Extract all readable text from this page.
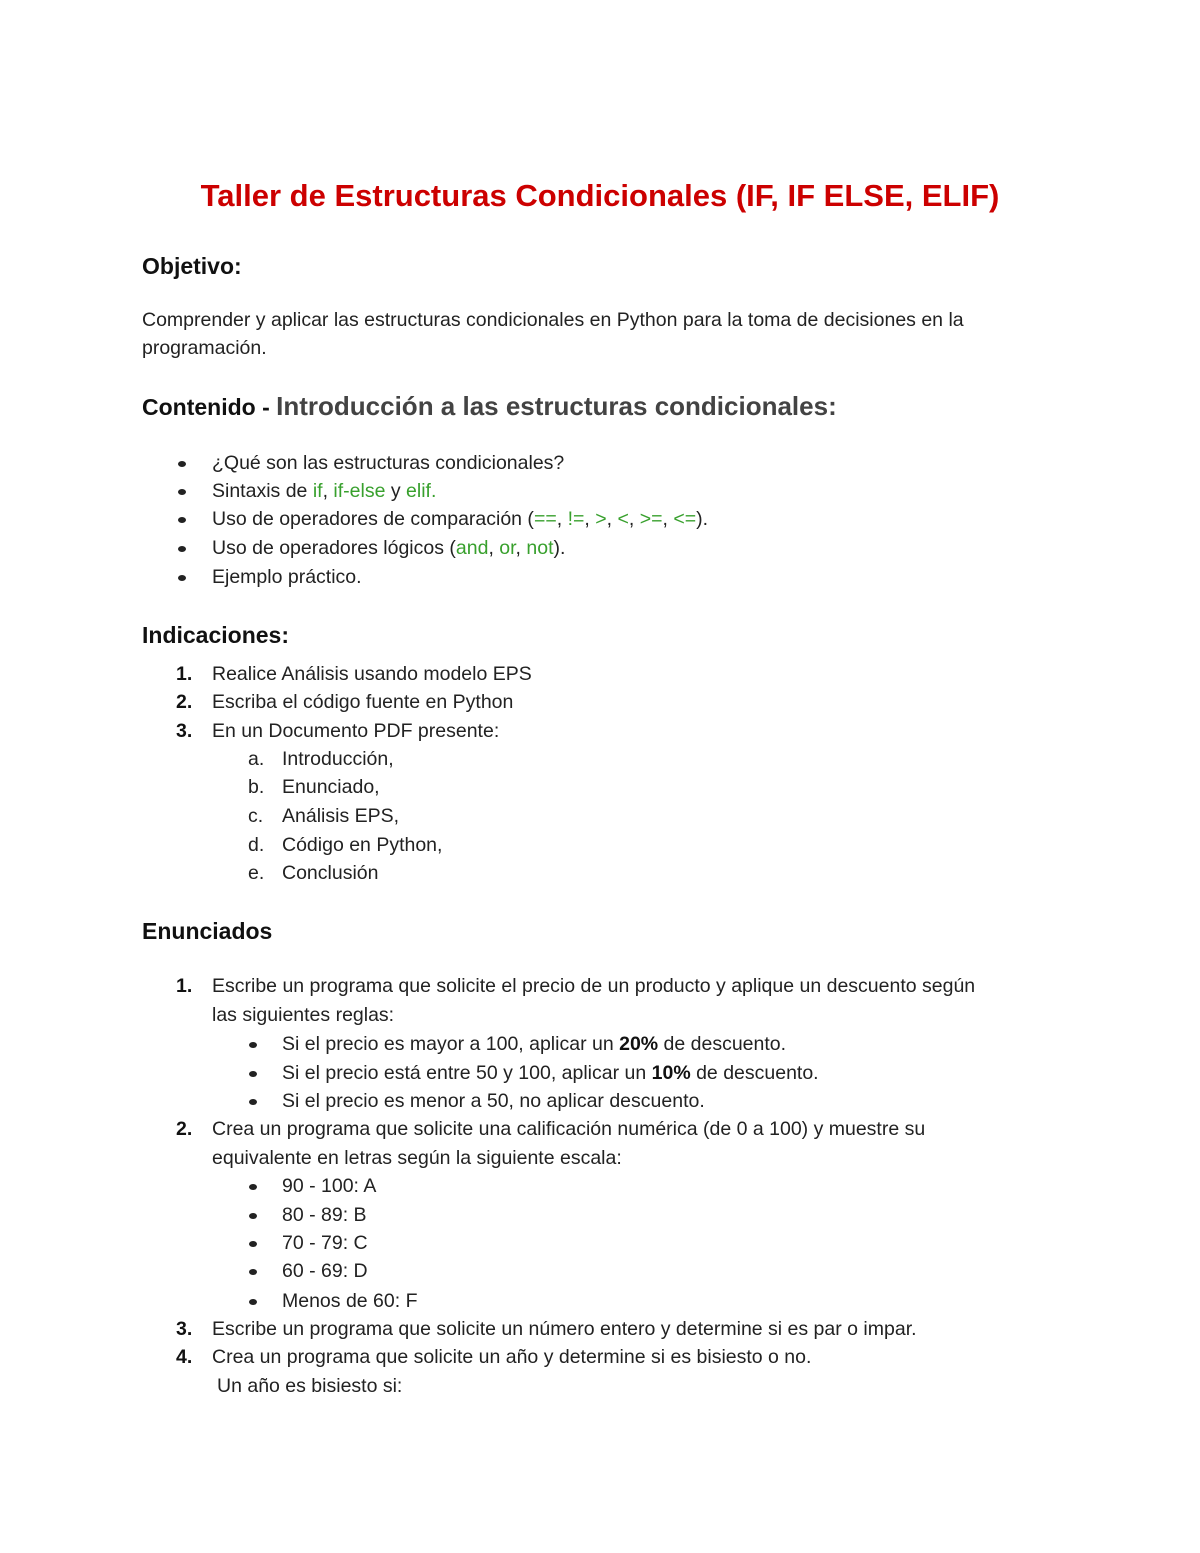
Taller de Estructuras Condicionales (IF, IF ELSE, ELIF)
Objetivo:
Comprender y aplicar las estructuras condicionales en Python para la toma de decisiones en la programación.
Contenido - Introducción a las estructuras condicionales:
¿Qué son las estructuras condicionales?
Sintaxis de if, if-else y elif.
Uso de operadores de comparación (==, !=, >, <, >=, <=).
Uso de operadores lógicos (and, or, not).
Ejemplo práctico.
Indicaciones:
1. Realice Análisis usando modelo EPS
2. Escriba el código fuente en Python
3. En un Documento PDF presente:
a. Introducción,
b. Enunciado,
c. Análisis EPS,
d. Código en Python,
e. Conclusión
Enunciados
1. Escribe un programa que solicite el precio de un producto y aplique un descuento según
las siguientes reglas:
Si el precio es mayor a 100, aplicar un 20% de descuento.
Si el precio está entre 50 y 100, aplicar un 10% de descuento.
Si el precio es menor a 50, no aplicar descuento.
2. Crea un programa que solicite una calificación numérica (de 0 a 100) y muestre su
equivalente en letras según la siguiente escala:
90 - 100: A
80 - 89: B
70 - 79: C
60 - 69: D
Menos de 60: F
3. Escribe un programa que solicite un número entero y determine si es par o impar.
4. Crea un programa que solicite un año y determine si es bisiesto o no.
Un año es bisiesto si:
